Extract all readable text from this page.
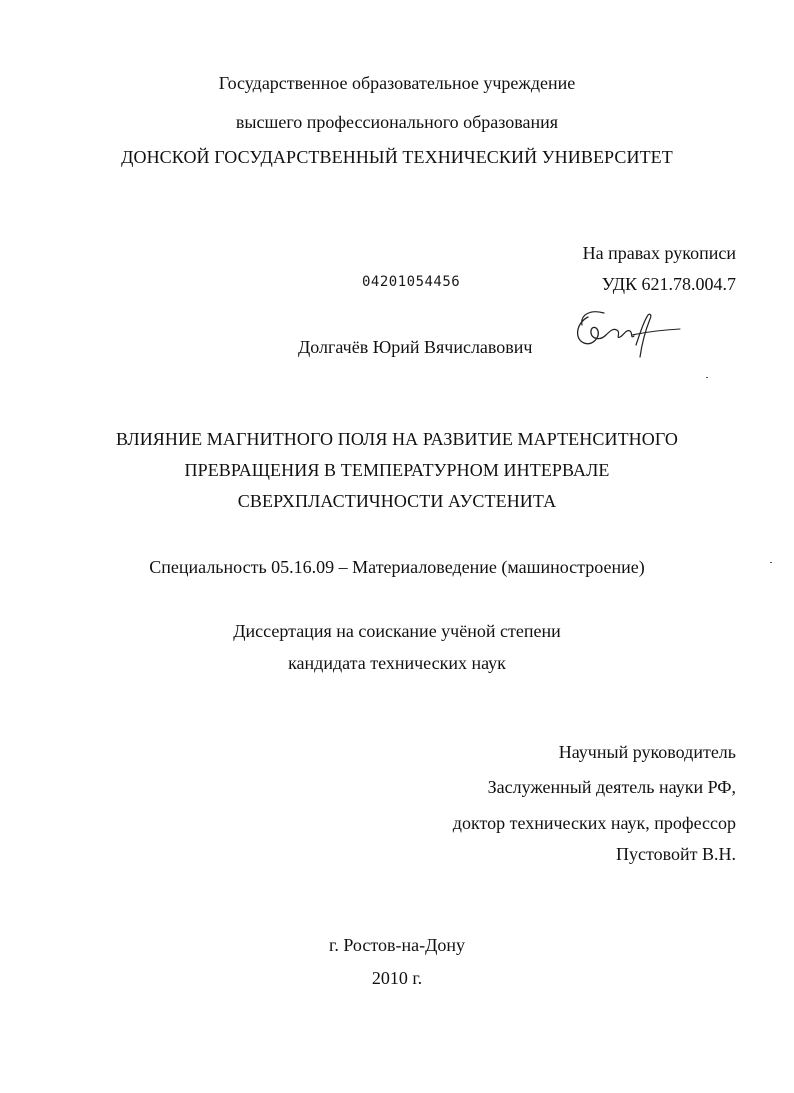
Государственное образовательное учреждение
высшего профессионального образования
ДОНСКОЙ ГОСУДАРСТВЕННЫЙ ТЕХНИЧЕСКИЙ УНИВЕРСИТЕТ
На правах рукописи
04201054456	УДК 621.78.004.7
Долгачёв Юрий Вячиславович
ВЛИЯНИЕ МАГНИТНОГО ПОЛЯ НА РАЗВИТИЕ МАРТЕНСИТНОГО
ПРЕВРАЩЕНИЯ В ТЕМПЕРАТУРНОМ ИНТЕРВАЛЕ
СВЕРХПЛАСТИЧНОСТИ АУСТЕНИТА
Специальность 05.16.09 – Материаловедение (машиностроение)
Диссертация на соискание учёной степени
кандидата технических наук
Научный руководитель
Заслуженный деятель науки РФ,
доктор технических наук, профессор
Пустовойт В.Н.
г. Ростов-на-Дону
2010 г.
